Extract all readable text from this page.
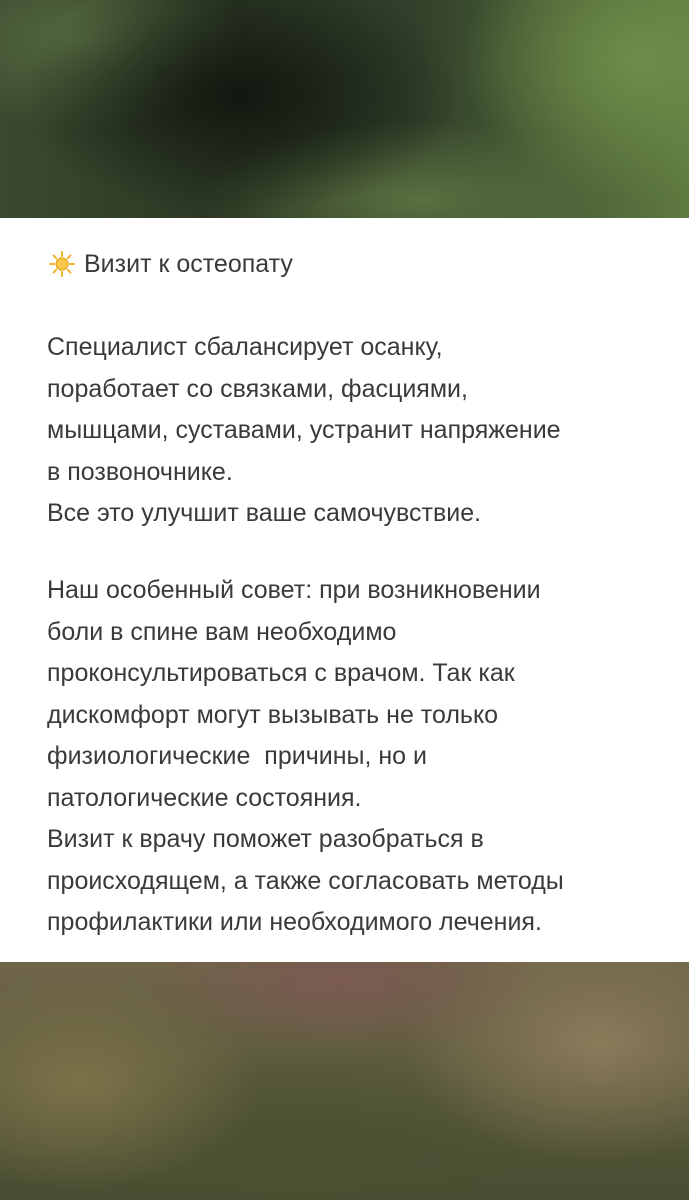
Визит к остеопату
Специалист сбалансирует осанку,
поработает со связками, фасциями,
мышцами, суставами, устранит напряжение
в позвоночнике.
Все это улучшит ваше самочувствие.
Наш особенный совет: при возникновении
боли в спине вам необходимо
проконсультироваться с врачом. Так как
дискомфорт могут вызывать не только
физиологические  причины, но и
патологические состояния.
Визит к врачу поможет разобраться в
происходящем, а также согласовать методы
профилактики или необходимого лечения.
